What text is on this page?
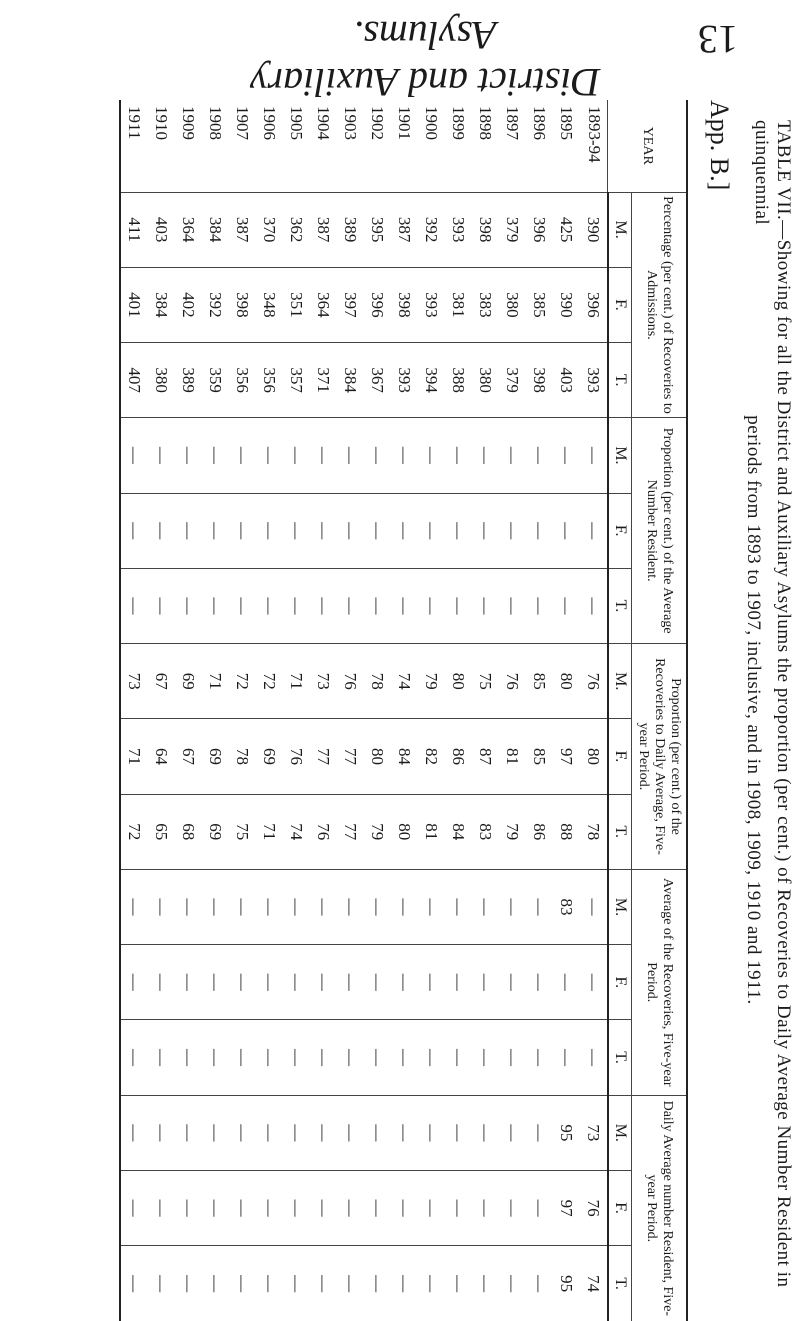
13
District and Auxiliary Asylums.
TABLE VII.—Showing for all the District and Auxiliary Asylums the proportion (per cent.) of Recoveries to Daily Average Number Resident in quinquennial
periods from 1893 to 1907, inclusive, and in 1908, 1909, 1910 and 1911.
App. B.]
YEAR	Percentage (per cent.) of Recoveries to Admissions.			Proportion (per cent.) of the Average Number Resident.			Proportion (per cent.) of the Recoveries to Daily Average, Five-year Period.			Average of the Recoveries, Five-year Period.			Daily Average number Resident, Five-year Period.		
	M.	F.	T.	M.	F.	T.	M.	F.	T.	M.	F.	T.	M.	F.	T.
1893-94	390	396	393	—	—	—	76	80	78	—	—	—	73	76	74
1895	425	390	403	—	—	—	80	97	88	83	—	—	95	97	95
1896	396	385	398	—	—	—	85	85	86	—	—	—	—	—	—
1897	379	380	379	—	—	—	76	81	79	—	—	—	—	—	—
1898	398	383	380	—	—	—	75	87	83	—	—	—	—	—	—
1899	393	381	388	—	—	—	80	86	84	—	—	—	—	—	—
1900	392	393	394	—	—	—	79	82	81	—	—	—	—	—	—
1901	387	398	393	—	—	—	74	84	80	—	—	—	—	—	—
1902	395	396	367	—	—	—	78	80	79	—	—	—	—	—	—
1903	389	397	384	—	—	—	76	77	77	—	—	—	—	—	—
1904	387	364	371	—	—	—	73	77	76	—	—	—	—	—	—
1905	362	351	357	—	—	—	71	76	74	—	—	—	—	—	—
1906	370	348	356	—	—	—	72	69	71	—	—	—	—	—	—
1907	387	398	356	—	—	—	72	78	75	—	—	—	—	—	—
1908	384	392	359	—	—	—	71	69	69	—	—	—	—	—	—
1909	364	402	389	—	—	—	69	67	68	—	—	—	—	—	—
1910	403	384	380	—	—	—	67	64	65	—	—	—	—	—	—
1911	411	401	407	—	—	—	73	71	72	—	—	—	—	—	—
